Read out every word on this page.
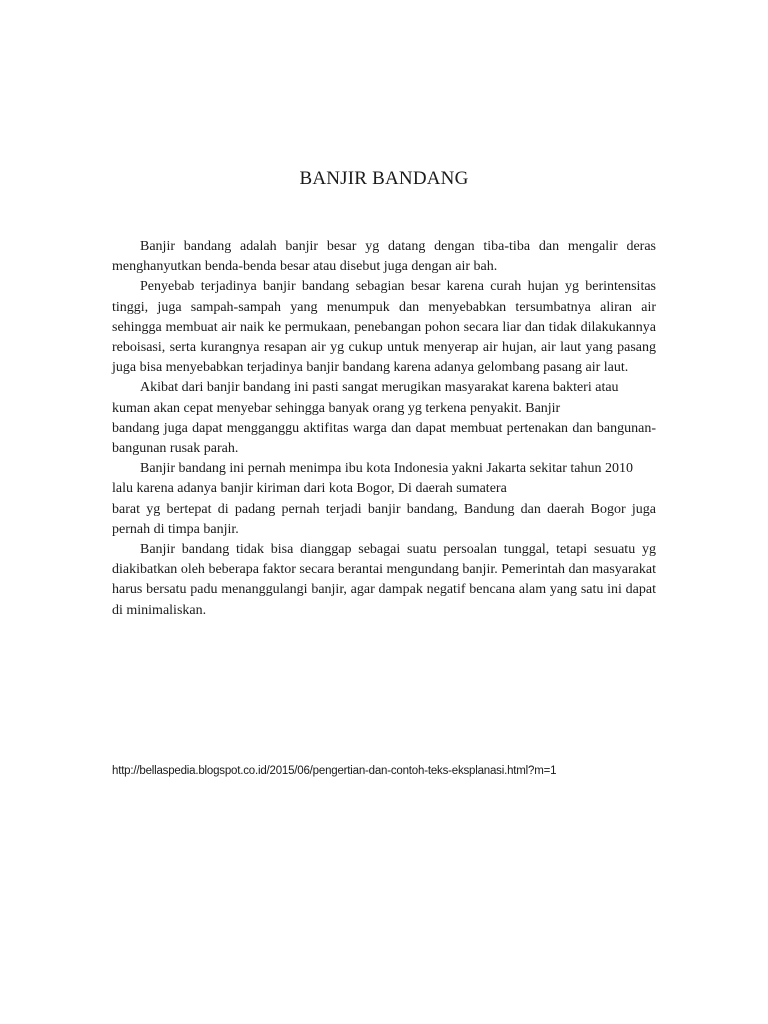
BANJIR BANDANG

Banjir bandang adalah banjir besar yg datang dengan tiba-tiba dan mengalir deras menghanyutkan benda-benda besar atau disebut juga dengan air bah.

Penyebab terjadinya banjir bandang sebagian besar karena curah hujan yg berintensitas tinggi, juga sampah-sampah yang menumpuk dan menyebabkan tersumbatnya aliran air sehingga membuat air naik ke permukaan, penebangan pohon secara liar dan tidak dilakukannya reboisasi, serta kurangnya resapan air yg cukup untuk menyerap air hujan, air laut yang pasang juga bisa menyebabkan terjadinya banjir bandang karena adanya gelombang pasang air laut.

Akibat dari banjir bandang ini pasti sangat merugikan masyarakat karena bakteri atau kuman akan cepat menyebar sehingga banyak orang yg terkena penyakit. Banjir

bandang juga dapat mengganggu aktifitas warga dan dapat membuat pertenakan dan bangunan-bangunan rusak parah.

Banjir bandang ini pernah menimpa ibu kota Indonesia yakni Jakarta sekitar tahun 2010 lalu karena adanya banjir kiriman dari kota Bogor, Di daerah sumatera

barat yg bertepat di padang pernah terjadi banjir bandang, Bandung dan daerah Bogor juga pernah di timpa banjir.

Banjir bandang tidak bisa dianggap sebagai suatu persoalan tunggal, tetapi sesuatu yg diakibatkan oleh beberapa faktor secara berantai mengundang banjir. Pemerintah dan masyarakat harus bersatu padu menanggulangi banjir, agar dampak negatif bencana alam yang satu ini dapat di minimaliskan.

http://bellaspedia.blogspot.co.id/2015/06/pengertian-dan-contoh-teks-eksplanasi.html?m=1
